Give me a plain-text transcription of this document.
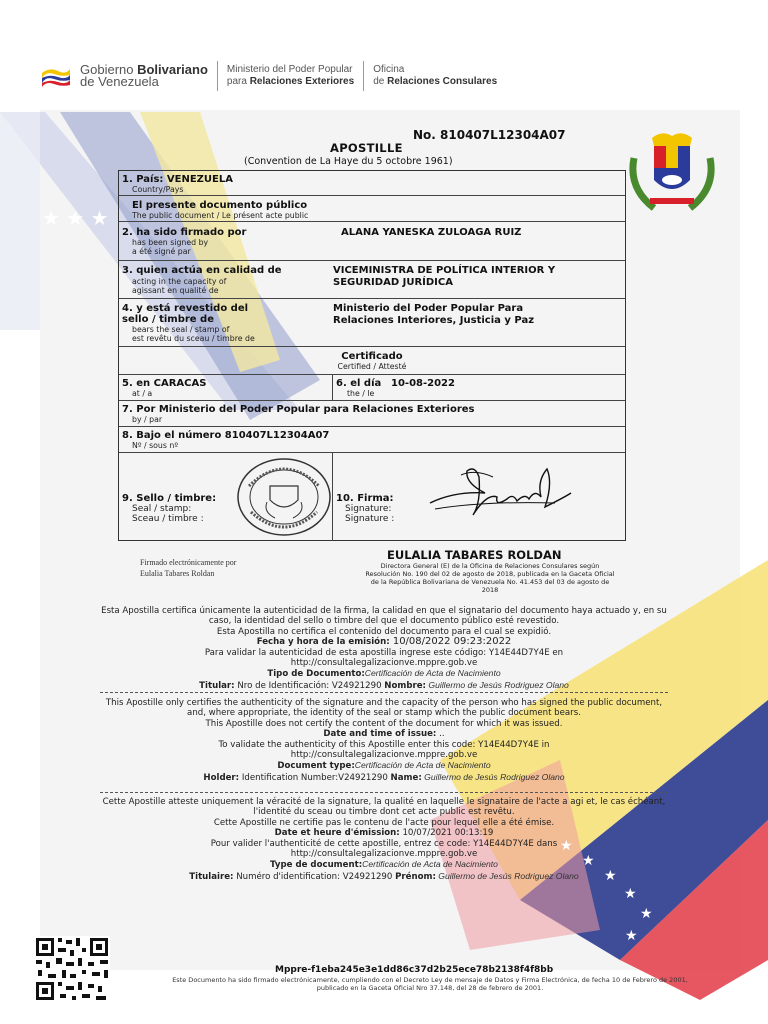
★ ★ ★
★
★
★
★
★
★
Gobierno Bolivariano
de Venezuela
Ministerio del Poder Popular
para Relaciones Exteriores
Oficina
de Relaciones Consulares
No. 810407L12304A07
APOSTILLE
(Convention de La Haye du 5 octobre 1961)
1. País: VENEZUELA
Country/Pays
El presente documento público
The public document / Le présent acte public
2. ha sido firmado por
has been signed by
a été signé par
ALANA YANESKA ZULOAGA RUIZ
3. quien actúa en calidad de
acting in the capacity of
agissant en qualité de
VICEMINISTRA DE POLÍTICA INTERIOR Y
SEGURIDAD JURÍDICA
4. y está revestido del
sello / timbre de
bears the seal / stamp of
est revêtu du sceau / timbre de
Ministerio del Poder Popular Para
Relaciones Interiores, Justicia y Paz
Certificado
Certified / Attesté
5. en CARACAS
at / a
6. el día 10-08-2022
the / le
7. Por Ministerio del Poder Popular para Relaciones Exteriores
by / par
8. Bajo el número 810407L12304A07
Nº / sous nº
9. Sello / timbre:
Seal / stamp:
Sceau / timbre :
10. Firma:
Signature:
Signature :
Firmado electrónicamente por
Eulalia Tabares Roldan
EULALIA TABARES ROLDAN
Directora General (E) de la Oficina de Relaciones Consulares según
Resolución No. 190 del 02 de agosto de 2018, publicada en la Gaceta Oficial
de la República Bolivariana de Venezuela No. 41.453 del 03 de agosto de
2018
Esta Apostilla certifica únicamente la autenticidad de la firma, la calidad en que el signatario del documento haya actuado y, en su caso, la identidad del sello o timbre del que el documento público esté revestido.
Esta Apostilla no certifica el contenido del documento para el cual se expidió.
Fecha y hora de la emisión: 10/08/2022 09:23:2022
Para validar la autenticidad de esta apostilla ingrese este código: Y14E44D7Y4E en
http://consultalegalizacionve.mppre.gob.ve
Tipo de Documento:Certificación de Acta de Nacimiento
Titular: Nro de Identificación: V24921290 Nombre: Guillermo de Jesús Rodriguez Olano
This Apostille only certifies the authenticity of the signature and the capacity of the person who has signed the public document, and, where appropriate, the identity of the seal or stamp which the public document bears.
This Apostille does not certify the content of the document for which it was issued.
Date and time of issue: ..
To validate the authenticity of this Apostille enter this code: Y14E44D7Y4E in
http://consultalegalizacionve.mppre.gob.ve
Document type:Certificación de Acta de Nacimiento
Holder: Identification Number:V24921290 Name: Guillermo de Jesús Rodriguez Olano
Cette Apostille atteste uniquement la véracité de la signature, la qualité en laquelle le signataire de l'acte a agi et, le cas échéant, l'identité du sceau ou timbre dont cet acte public est revêtu.
Cette Apostille ne certifie pas le contenu de l'acte pour lequel elle a été émise.
Date et heure d'émission: 10/07/2021 00:13:19
Pour valider l'authenticité de cette apostille, entrez ce code: Y14E44D7Y4E dans
http://consultalegalizacionve.mppre.gob.ve
Type de document:Certificación de Acta de Nacimiento
Titulaire: Numéro d'identification: V24921290 Prénom: Guillermo de Jesús Rodriguez Olano
Mppre-f1eba245e3e1dd86c37d2b25ece78b2138f4f8bb
Este Documento ha sido firmado electrónicamente, cumpliendo con el Decreto Ley de mensaje de Datos y Firma Electrónica, de fecha 10 de Febrero de 2001,
publicado en la Gaceta Oficial Nro 37.148, del 28 de febrero de 2001.
